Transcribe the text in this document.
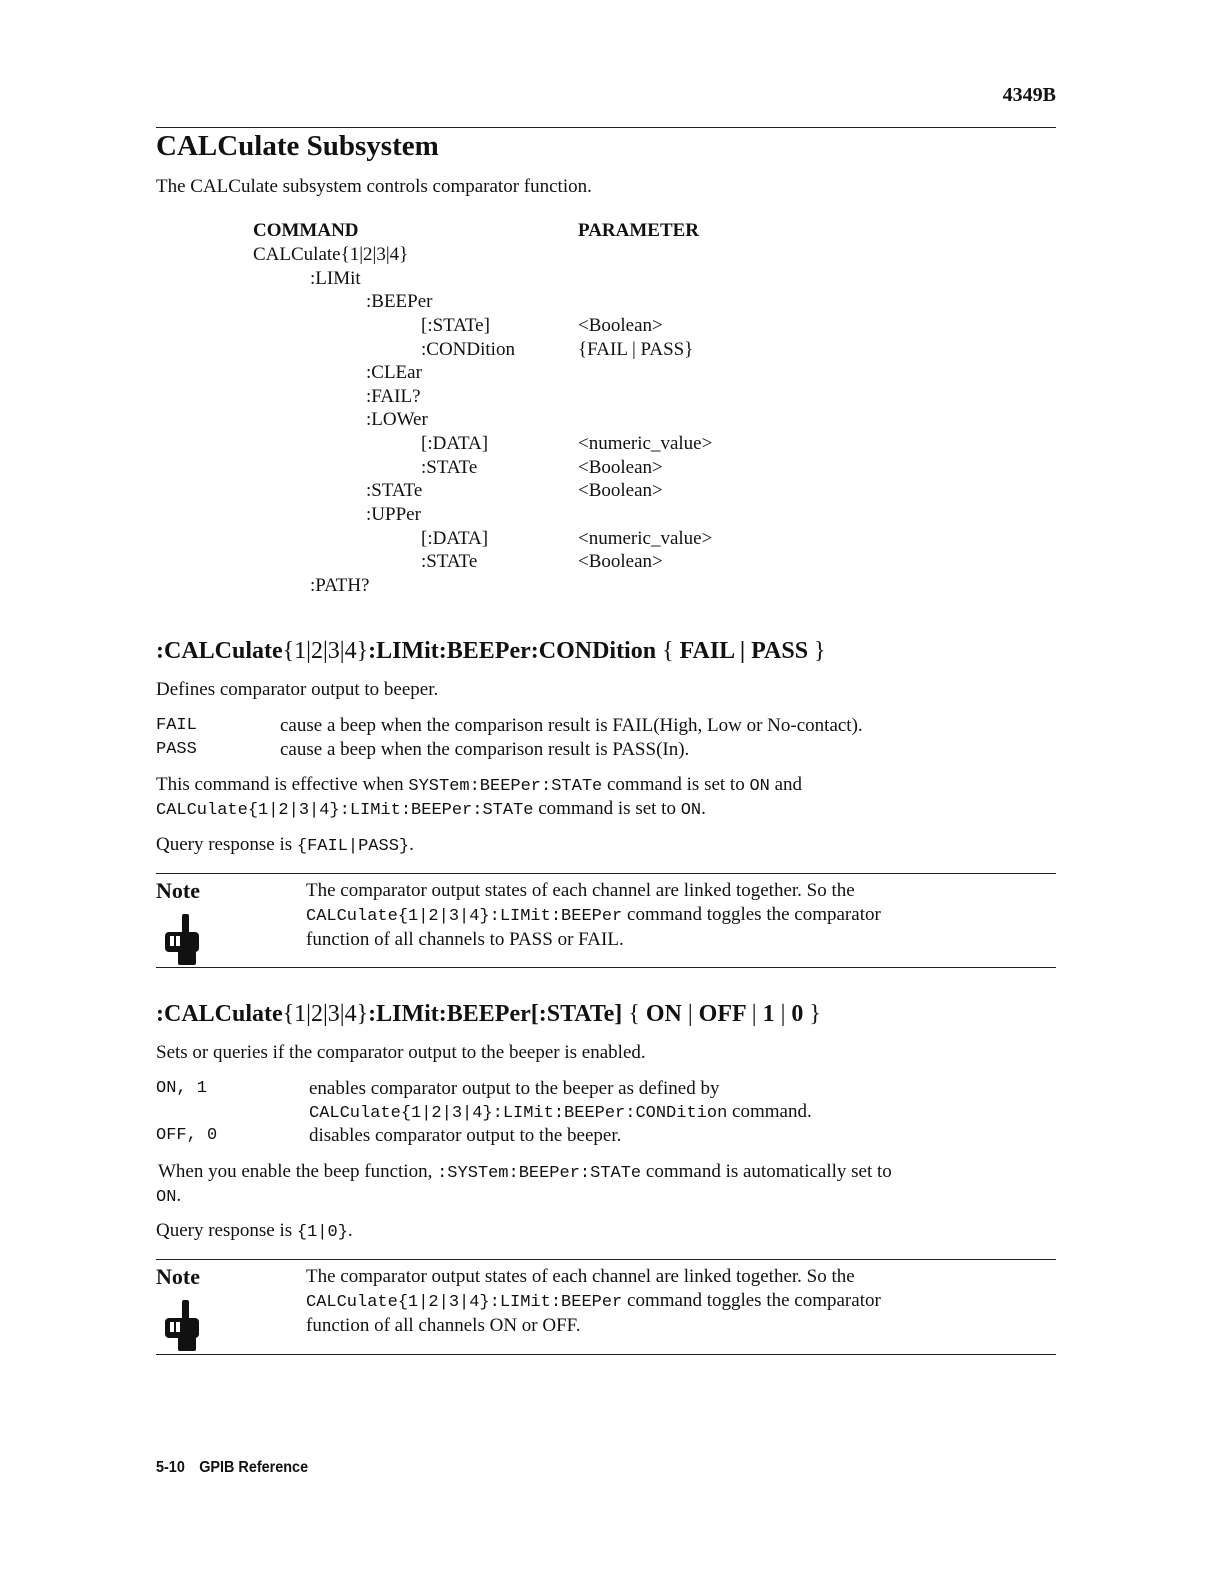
4349B
CALCulate Subsystem
The CALCulate subsystem controls comparator function.
COMMAND	PARAMETER
CALCulate{1|2|3|4}
:LIMit
:BEEPer
[:STATe]	<Boolean>
:CONDition	{FAIL | PASS}
:CLEar
:FAIL?
:LOWer
[:DATA]	<numeric_value>
:STATe	<Boolean>
:STATe	<Boolean>
:UPPer
[:DATA]	<numeric_value>
:STATe	<Boolean>
:PATH?
:CALCulate{1|2|3|4}:LIMit:BEEPer:CONDition { FAIL | PASS }
Defines comparator output to beeper.
FAIL	cause a beep when the comparison result is FAIL(High, Low or No-contact).
PASS	cause a beep when the comparison result is PASS(In).
This command is effective when SYSTem:BEEPer:STATe command is set to ON and
CALCulate{1|2|3|4}:LIMit:BEEPer:STATe command is set to ON.
Query response is {FAIL|PASS}.
Note	The comparator output states of each channel are linked together. So the
CALCulate{1|2|3|4}:LIMit:BEEPer command toggles the comparator
function of all channels to PASS or FAIL.
:CALCulate{1|2|3|4}:LIMit:BEEPer[:STATe] { ON | OFF | 1 | 0 }
Sets or queries if the comparator output to the beeper is enabled.
ON, 1	enables comparator output to the beeper as defined by
CALCulate{1|2|3|4}:LIMit:BEEPer:CONDition command.
OFF, 0	disables comparator output to the beeper.
When you enable the beep function, :SYSTem:BEEPer:STATe command is automatically set to
ON.
Query response is {1|0}.
Note	The comparator output states of each channel are linked together. So the
CALCulate{1|2|3|4}:LIMit:BEEPer command toggles the comparator
function of all channels ON or OFF.
5-10 GPIB Reference
